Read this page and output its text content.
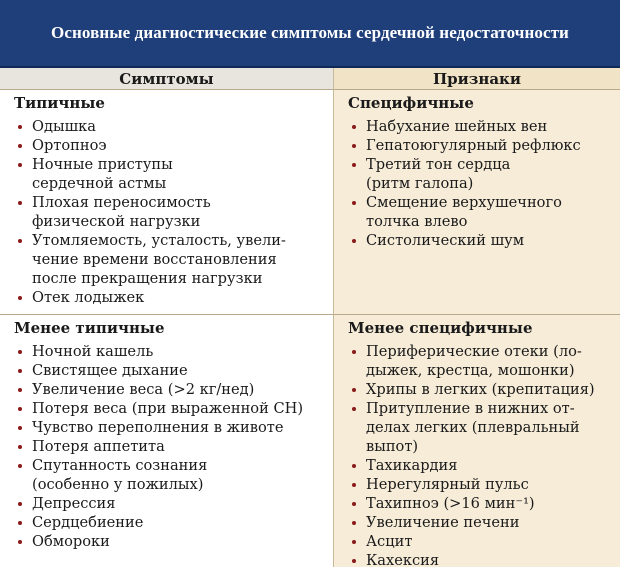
Основные диагностические симптомы сердечной недостаточности
Симптомы	Признаки
Типичные
Одышка
Ортопноэ
Ночные приступы
сердечной астмы
Плохая переносимость
физической нагрузки
Утомляемость, усталость, увели-
чение времени восстановления
после прекращения нагрузки
Отек лодыжек
Специфичные
Набухание шейных вен
Гепатоюгулярный рефлюкс
Третий тон сердца
(ритм галопа)
Смещение верхушечного
толчка влево
Систолический шум
Менее типичные
Ночной кашель
Свистящее дыхание
Увеличение веса (>2 кг/нед)
Потеря веса (при выраженной СН)
Чувство переполнения в животе
Потеря аппетита
Спутанность сознания
(особенно у пожилых)
Депрессия
Сердцебиение
Обмороки
Менее специфичные
Периферические отеки (ло-
дыжек, крестца, мошонки)
Хрипы в легких (крепитация)
Притупление в нижних от-
делах легких (плевральный
выпот)
Тахикардия
Нерегулярный пульс
Тахипноэ (>16 мин⁻¹)
Увеличение печени
Асцит
Кахексия
